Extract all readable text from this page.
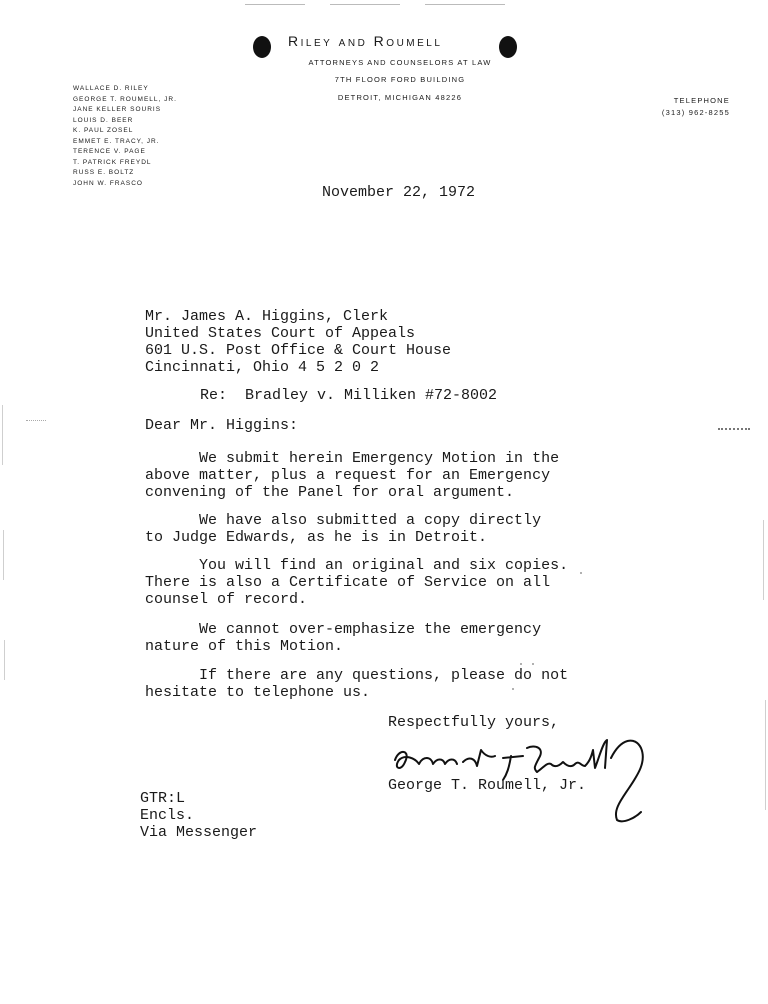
Riley and Roumell
ATTORNEYS AND COUNSELORS AT LAW
7TH FLOOR FORD BUILDING
DETROIT, MICHIGAN 48226	TELEPHONE
(313) 962-8255
WALLACE D. RILEY
GEORGE T. ROUMELL, JR.
JANE KELLER SOURIS
LOUIS D. BEER
K. PAUL ZOSEL
EMMET E. TRACY, JR.
TERENCE V. PAGE
T. PATRICK FREYDL
RUSS E. BOLTZ
JOHN W. FRASCO
November 22, 1972
Mr. James A. Higgins, Clerk
United States Court of Appeals
601 U.S. Post Office & Court House
Cincinnati, Ohio 4 5 2 0 2
Re: Bradley v. Milliken #72-8002
Dear Mr. Higgins:
We submit herein Emergency Motion in the
above matter, plus a request for an Emergency
convening of the Panel for oral argument.
We have also submitted a copy directly
to Judge Edwards, as he is in Detroit.
You will find an original and six copies.
There is also a Certificate of Service on all
counsel of record.
We cannot over-emphasize the emergency
nature of this Motion.
If there are any questions, please do not
hesitate to telephone us.
Respectfully yours,
George T. Roumell, Jr.
GTR:L
Encls.
Via Messenger
